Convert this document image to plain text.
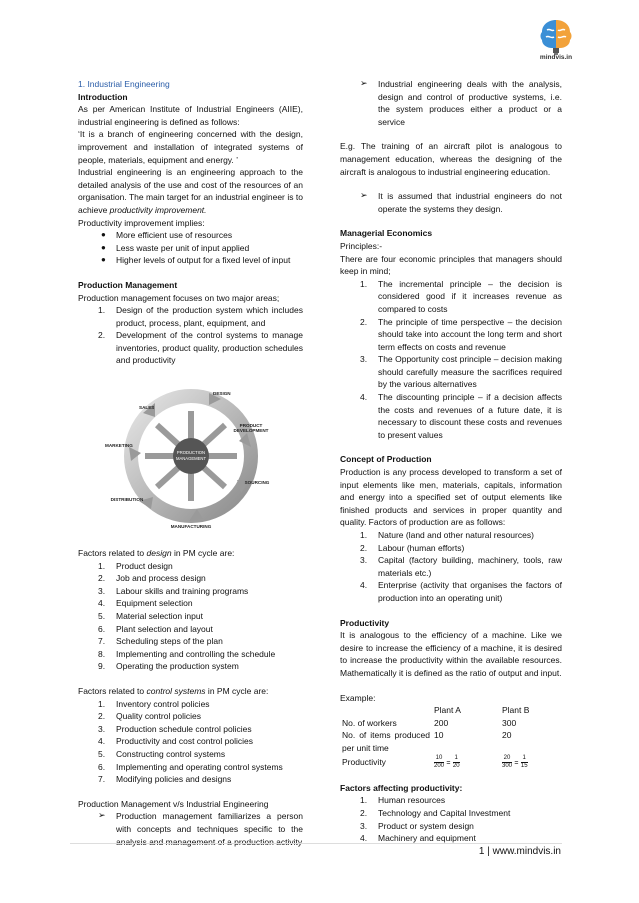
mindvis.in

1. Industrial Engineering

Introduction

As per American Institute of Industrial Engineers (AIIE), industrial engineering is defined as follows:

‘It is a branch of engineering concerned with the design, improvement and installation of integrated systems of people, materials, equipment and energy. ’

Industrial engineering is an engineering approach to the detailed analysis of the use and cost of the resources of an organisation. The main target for an industrial engineer is to achieve productivity improvement.

Productivity improvement implies:

● More efficient use of resources
● Less waste per unit of input applied
● Higher levels of output for a fixed level of input

Production Management

Production management focuses on two major areas;

1. Design of the production system which includes product, process, plant, equipment, and
2. Development of the control systems to manage inventories, product quality, production schedules and productivity
PRODUCTION
MANAGEMENT
DESIGN
PRODUCT
DEVELOPMENT
SOURCING
MANUFACTURING
DISTRIBUTION
MARKETING
SALES

Factors related to design in PM cycle are:

1. Product design
2. Job and process design
3. Labour skills and training programs
4. Equipment selection
5. Material selection input
6. Plant selection and layout
7. Scheduling steps of the plan
8. Implementing and controlling the schedule
9. Operating the production system

Factors related to control systems in PM cycle are:

1. Inventory control policies
2. Quality control policies
3. Production schedule control policies
4. Productivity and cost control policies
5. Constructing control systems
6. Implementing and operating control systems
7. Modifying policies and designs

Production Management v/s Industrial Engineering

➢ Production management familiarizes a person with concepts and techniques specific to the analysis and management of a production activity
➢ Industrial engineering deals with the analysis, design and control of productive systems, i.e. the system produces either a product or a service

E.g. The training of an aircraft pilot is analogous to management education, whereas the designing of the aircraft is analogous to industrial engineering education.

➢ It is assumed that industrial engineers do not operate the systems they design.

Managerial Economics

Principles:-

There are four economic principles that managers should keep in mind;

1. The incremental principle – the decision is considered good if it increases revenue as compared to costs
2. The principle of time perspective – the decision should take into account the long term and short term effects on costs and revenue
3. The Opportunity cost principle – decision making should carefully measure the sacrifices required by the various alternatives
4. The discounting principle – if a decision affects the costs and revenues of a future date, it is necessary to discount these costs and revenues to present values

Concept of Production

Production is any process developed to transform a set of input elements like men, materials, capitals, information and energy into a specified set of output elements like finished products and services in proper quantity and quality. Factors of production are as follows:

1. Nature (land and other natural resources)
2. Labour (human efforts)
3. Capital (factory building, machinery, tools, raw materials etc.)
4. Enterprise (activity that organises the factors of production into an operating unit)

Productivity

It is analogous to the efficiency of a machine. Like we desire to increase the efficiency of a machine, it is desired to increase the productivity within the available resources. Mathematically it is defined as the ratio of output and input.

Example:

	Plant A	Plant B
No. of workers	200	300
No. of items produced per unit time	10	20
Productivity	$\frac{10}{200} = \frac{1}{20}$	$\frac{20}{300} = \frac{1}{15}$

Factors affecting productivity:

1. Human resources
2. Technology and Capital Investment
3. Product or system design
4. Machinery and equipment
1 | www.mindvis.in
